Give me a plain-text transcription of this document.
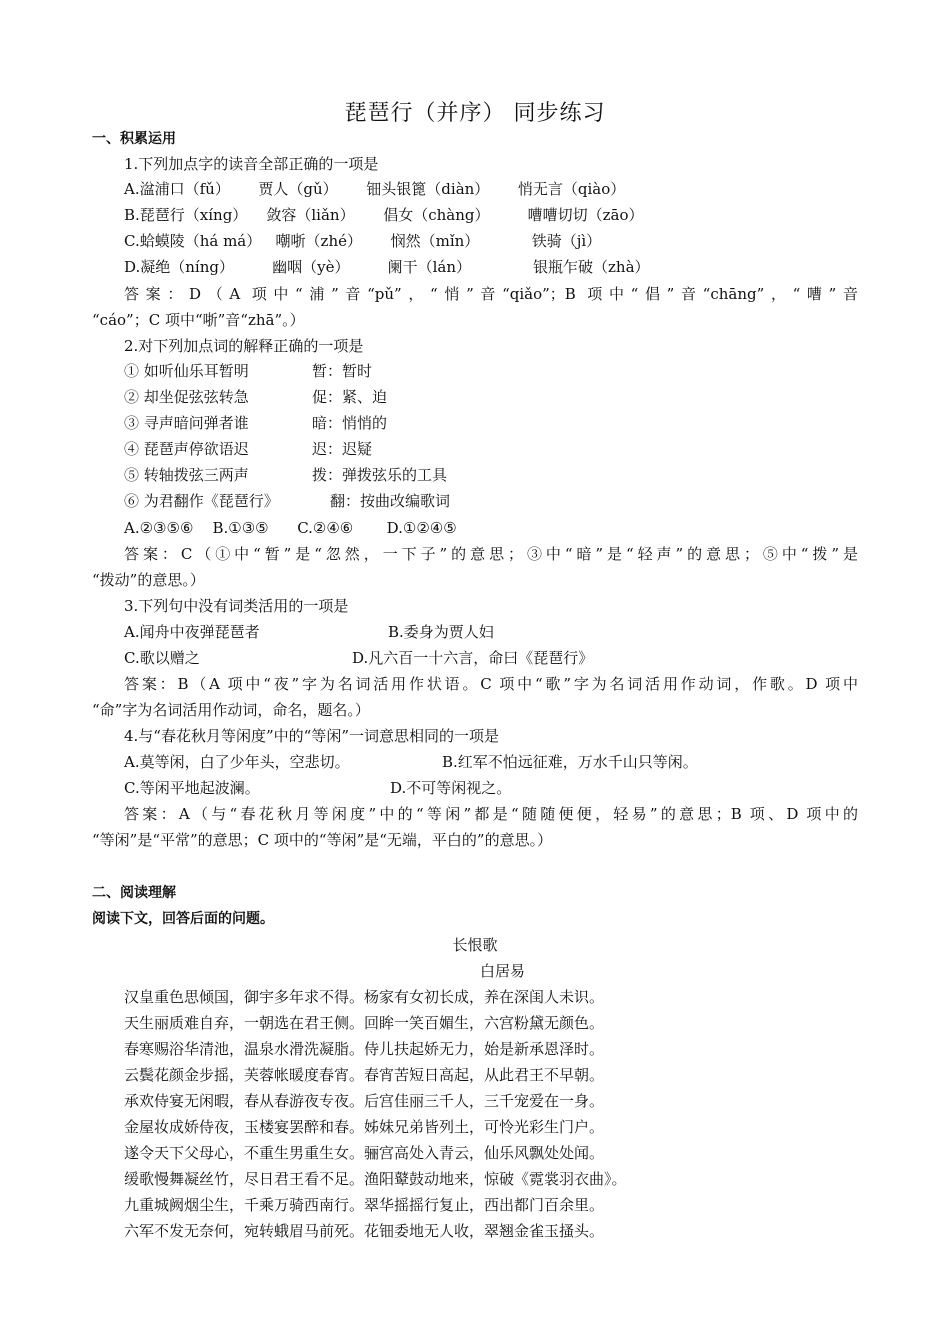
琵琶行（并序） 同步练习
一、积累运用
1.下列加点字的读音全部正确的一项是
A.湓浦口（fǔ）      贾人（gǔ）      钿头银篦（diàn）      悄无言（qiào）
B.琵琶行（xíng）    敛容（liǎn）      倡女（chàng）        嘈嘈切切（zāo）
C.蛤蟆陵（há má）   嘲哳（zhé）      悯然（mǐn）           铁骑（jì）
D.凝绝（níng）        幽咽（yè）        阑干（lán）             银瓶乍破（zhà）
答案：D（A 项中“浦”音“pǔ”，“悄”音“qiǎo”；B 项中“倡”音“chāng”，“嘈”音
“cáo”；C 项中“哳”音“zhā”。）
2.对下列加点词的解释正确的一项是
① 如听仙乐耳暂明	暂：暂时
② 却坐促弦弦转急	促：紧、迫
③ 寻声暗问弹者谁	暗：悄悄的
④ 琵琶声停欲语迟	迟：迟疑
⑤ 转轴拨弦三两声	拨：弹拨弦乐的工具
⑥ 为君翻作《琵琶行》	翻：按曲改编歌词
A.②③⑤⑥    B.①③⑤      C.②④⑥       D.①②④⑤
答案：C（①中“暂”是“忽然，一下子”的意思；③中“暗”是“轻声”的意思；⑤中“拨”是
“拨动”的意思。）
3.下列句中没有词类活用的一项是
A.闻舟中夜弹琵琶者	B.委身为贾人妇
C.歌以赠之	D.凡六百一十六言，命曰《琵琶行》
答案：B（A 项中“夜”字为名词活用作状语。C 项中“歌”字为名词活用作动词，作歌。D 项中
“命”字为名词活用作动词，命名，题名。）
4.与“春花秋月等闲度”中的“等闲”一词意思相同的一项是
A.莫等闲，白了少年头，空悲切。	B.红军不怕远征难，万水千山只等闲。
C.等闲平地起波澜。	D.不可等闲视之。
答案：A（与“春花秋月等闲度”中的“等闲”都是“随随便便，轻易”的意思；B 项、D 项中的
“等闲”是“平常”的意思；C 项中的“等闲”是“无端，平白的”的意思。）
二、阅读理解
阅读下文，回答后面的问题。
长恨歌
白居易
汉皇重色思倾国，御宇多年求不得。杨家有女初长成，养在深闺人未识。
天生丽质难自弃，一朝选在君王侧。回眸一笑百媚生，六宫粉黛无颜色。
春寒赐浴华清池，温泉水滑洗凝脂。侍儿扶起娇无力，始是新承恩泽时。
云鬓花颜金步摇，芙蓉帐暖度春宵。春宵苦短日高起，从此君王不早朝。
承欢侍宴无闲暇，春从春游夜专夜。后宫佳丽三千人，三千宠爱在一身。
金屋妆成娇侍夜，玉楼宴罢醉和春。姊妹兄弟皆列土，可怜光彩生门户。
遂令天下父母心，不重生男重生女。骊宫高处入青云，仙乐风飘处处闻。
缓歌慢舞凝丝竹，尽日君王看不足。渔阳鼙鼓动地来，惊破《霓裳羽衣曲》。
九重城阙烟尘生，千乘万骑西南行。翠华摇摇行复止，西出都门百余里。
六军不发无奈何，宛转蛾眉马前死。花钿委地无人收，翠翘金雀玉搔头。
